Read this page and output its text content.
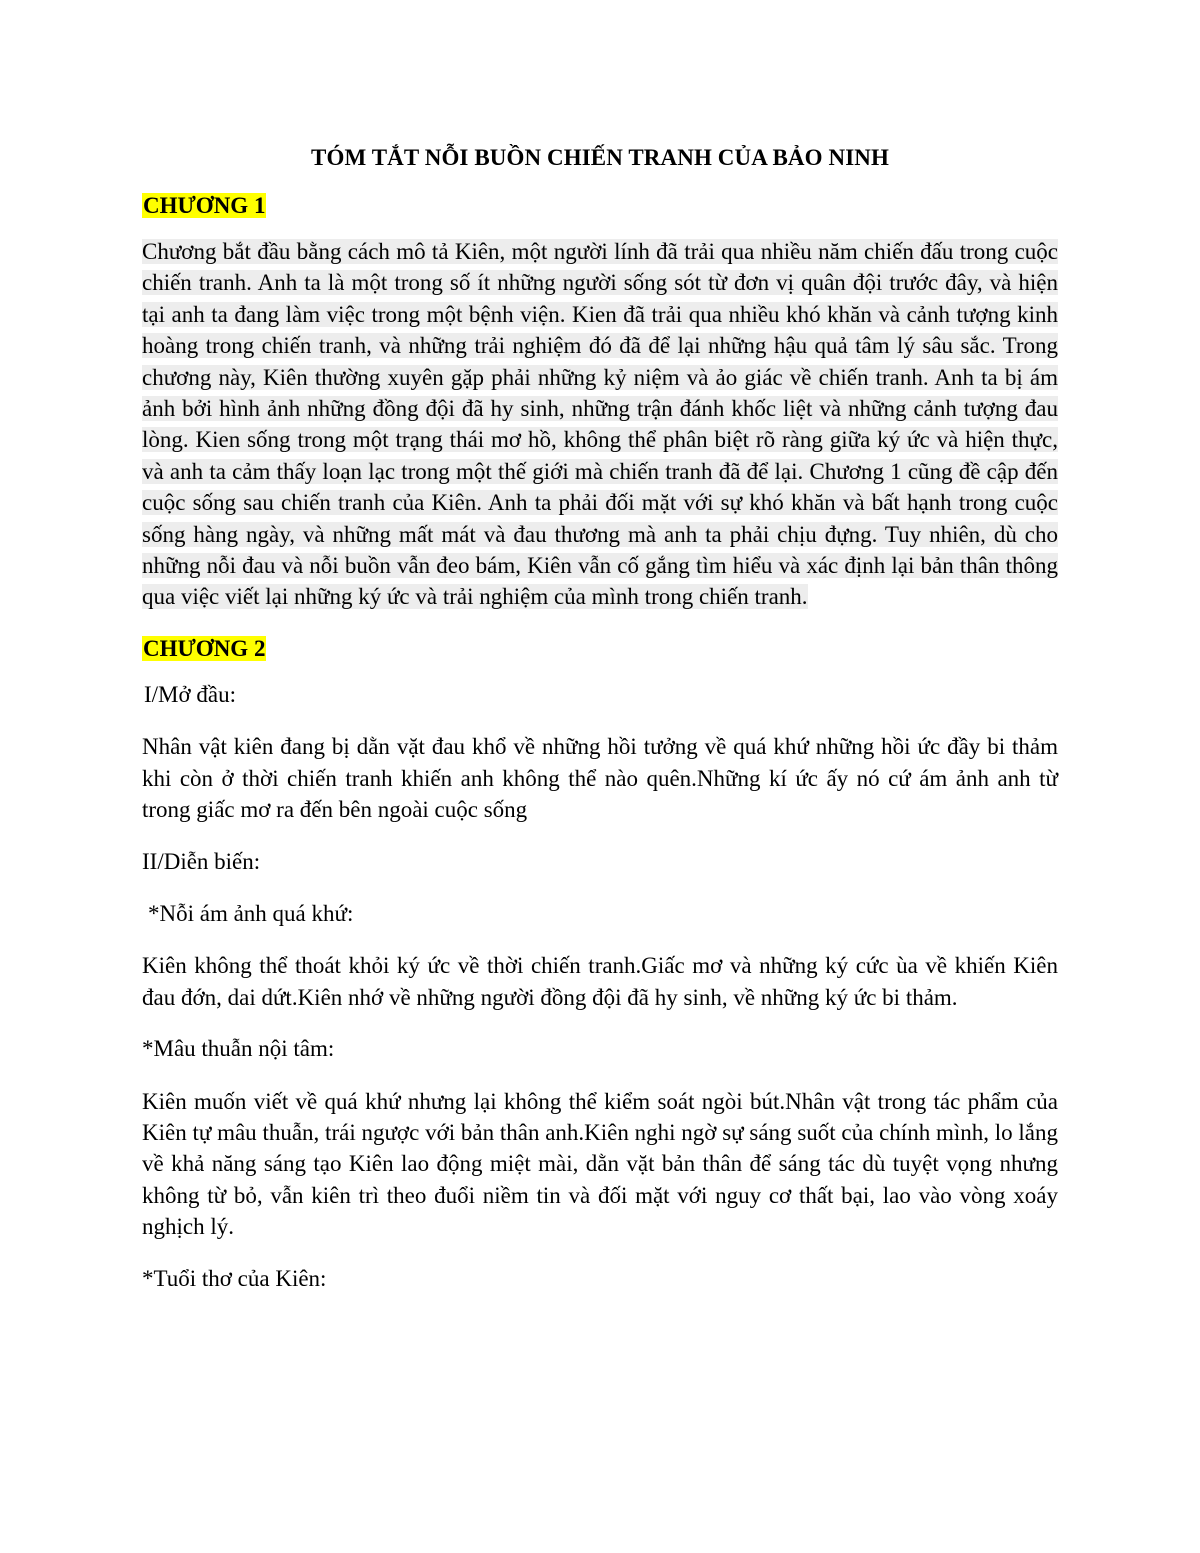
TÓM TẮT NỖI BUỒN CHIẾN TRANH CỦA BẢO NINH
CHƯƠNG 1

Chương bắt đầu bằng cách mô tả Kiên, một người lính đã trải qua nhiều năm chiến đấu trong cuộc chiến tranh. Anh ta là một trong số ít những người sống sót từ đơn vị quân đội trước đây, và hiện tại anh ta đang làm việc trong một bệnh viện. Kien đã trải qua nhiều khó khăn và cảnh tượng kinh hoàng trong chiến tranh, và những trải nghiệm đó đã để lại những hậu quả tâm lý sâu sắc. Trong chương này, Kiên thường xuyên gặp phải những kỷ niệm và ảo giác về chiến tranh. Anh ta bị ám ảnh bởi hình ảnh những đồng đội đã hy sinh, những trận đánh khốc liệt và những cảnh tượng đau lòng. Kien sống trong một trạng thái mơ hồ, không thể phân biệt rõ ràng giữa ký ức và hiện thực, và anh ta cảm thấy loạn lạc trong một thế giới mà chiến tranh đã để lại. Chương 1 cũng đề cập đến cuộc sống sau chiến tranh của Kiên. Anh ta phải đối mặt với sự khó khăn và bất hạnh trong cuộc sống hàng ngày, và những mất mát và đau thương mà anh ta phải chịu đựng. Tuy nhiên, dù cho những nỗi đau và nỗi buồn vẫn đeo bám, Kiên vẫn cố gắng tìm hiểu và xác định lại bản thân thông qua việc viết lại những ký ức và trải nghiệm của mình trong chiến tranh.

CHƯƠNG 2
I/Mở đầu:

Nhân vật kiên đang bị dằn vặt đau khổ về những hồi tưởng về quá khứ những hồi ức đầy bi thảm khi còn ở thời chiến tranh khiến anh không thể nào quên.Những kí ức ấy nó cứ ám ảnh anh từ trong giấc mơ ra đến bên ngoài cuộc sống

II/Diễn biến:
*Nỗi ám ảnh quá khứ:

Kiên không thể thoát khỏi ký ức về thời chiến tranh.Giấc mơ và những ký cức ùa về khiến Kiên đau đớn, dai dứt.Kiên nhớ về những người đồng đội đã hy sinh, về những ký ức bi thảm.

*Mâu thuẫn nội tâm:

Kiên muốn viết về quá khứ nhưng lại không thể kiểm soát ngòi bút.Nhân vật trong tác phẩm của Kiên tự mâu thuẫn, trái ngược với bản thân anh.Kiên nghi ngờ sự sáng suốt của chính mình, lo lắng về khả năng sáng tạo Kiên lao động miệt mài, dằn vặt bản thân để sáng tác dù tuyệt vọng nhưng không từ bỏ, vẫn kiên trì theo đuổi niềm tin và đối mặt với nguy cơ thất bại, lao vào vòng xoáy nghịch lý.

*Tuổi thơ của Kiên:
